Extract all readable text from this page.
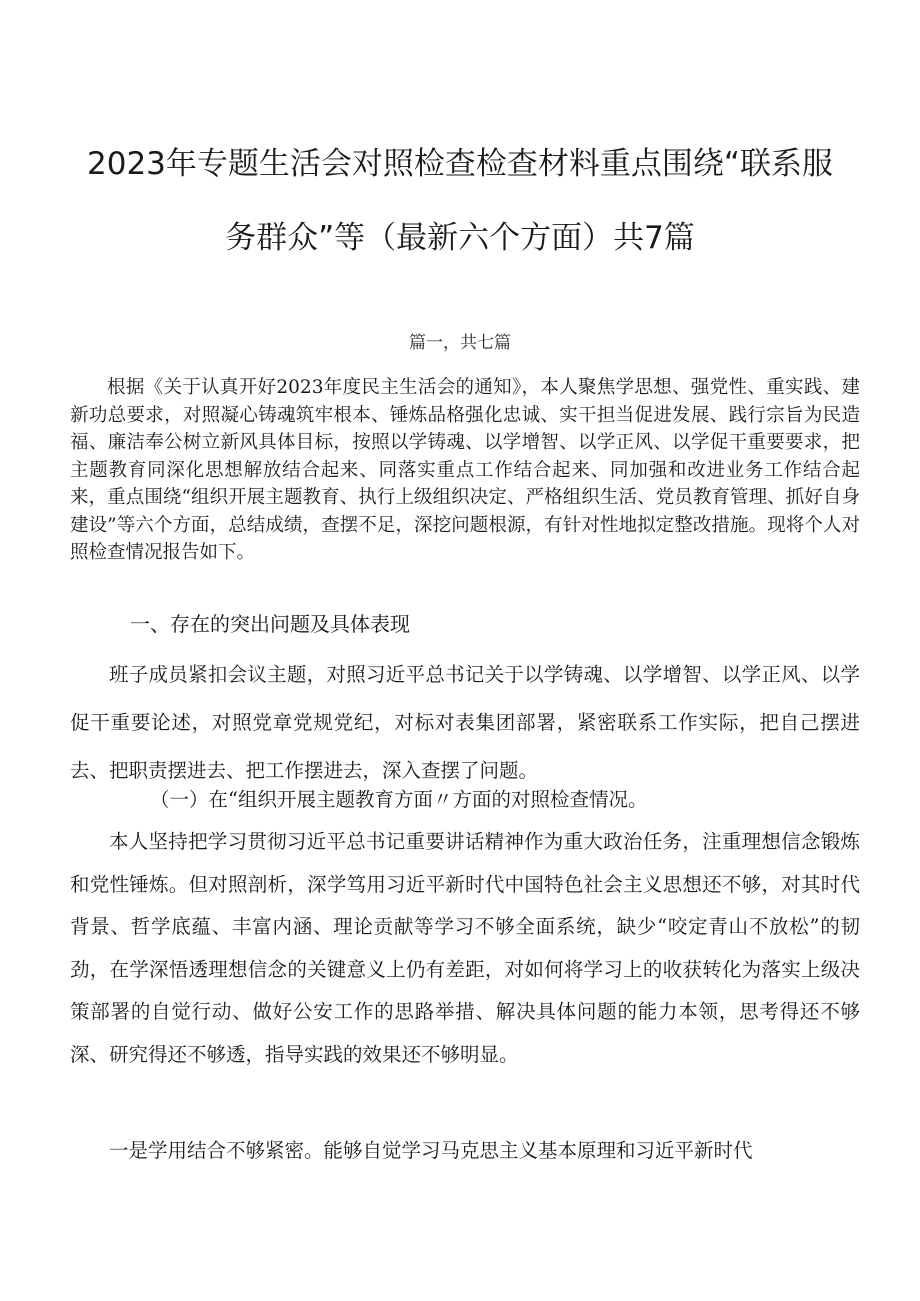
2023年专题生活会对照检查检查材料重点围绕“联系服
务群众”等（最新六个方面）共7篇
篇一，共七篇

根据《关于认真开好2023年度民主生活会的通知》，本人聚焦学思想、强党性、重实践、建新功总要求，对照凝心铸魂筑牢根本、锤炼品格强化忠诚、实干担当促进发展、践行宗旨为民造福、廉洁奉公树立新风具体目标，按照以学铸魂、以学增智、以学正风、以学促干重要要求，把主题教育同深化思想解放结合起来、同落实重点工作结合起来、同加强和改进业务工作结合起来，重点围绕“组织开展主题教育、执行上级组织决定、严格组织生活、党员教育管理、抓好自身建设”等六个方面，总结成绩，查摆不足，深挖问题根源，有针对性地拟定整改措施。现将个人对照检查情况报告如下。

一、存在的突出问题及具体表现

班子成员紧扣会议主题，对照习近平总书记关于以学铸魂、以学增智、以学正风、以学促干重要论述，对照党章党规党纪，对标对表集团部署，紧密联系工作实际，把自己摆进去、把职责摆进去、把工作摆进去，深入查摆了问题。

（一）在“组织开展主题教育方面〃方面的对照检查情况。

本人坚持把学习贯彻习近平总书记重要讲话精神作为重大政治任务，注重理想信念锻炼和党性锤炼。但对照剖析，深学笃用习近平新时代中国特色社会主义思想还不够，对其时代背景、哲学底蕴、丰富内涵、理论贡献等学习不够全面系统，缺少“咬定青山不放松”的韧劲，在学深悟透理想信念的关键意义上仍有差距，对如何将学习上的收获转化为落实上级决策部署的自觉行动、做好公安工作的思路举措、解决具体问题的能力本领，思考得还不够深、研究得还不够透，指导实践的效果还不够明显。

一是学用结合不够紧密。能够自觉学习马克思主义基本原理和习近平新时代
